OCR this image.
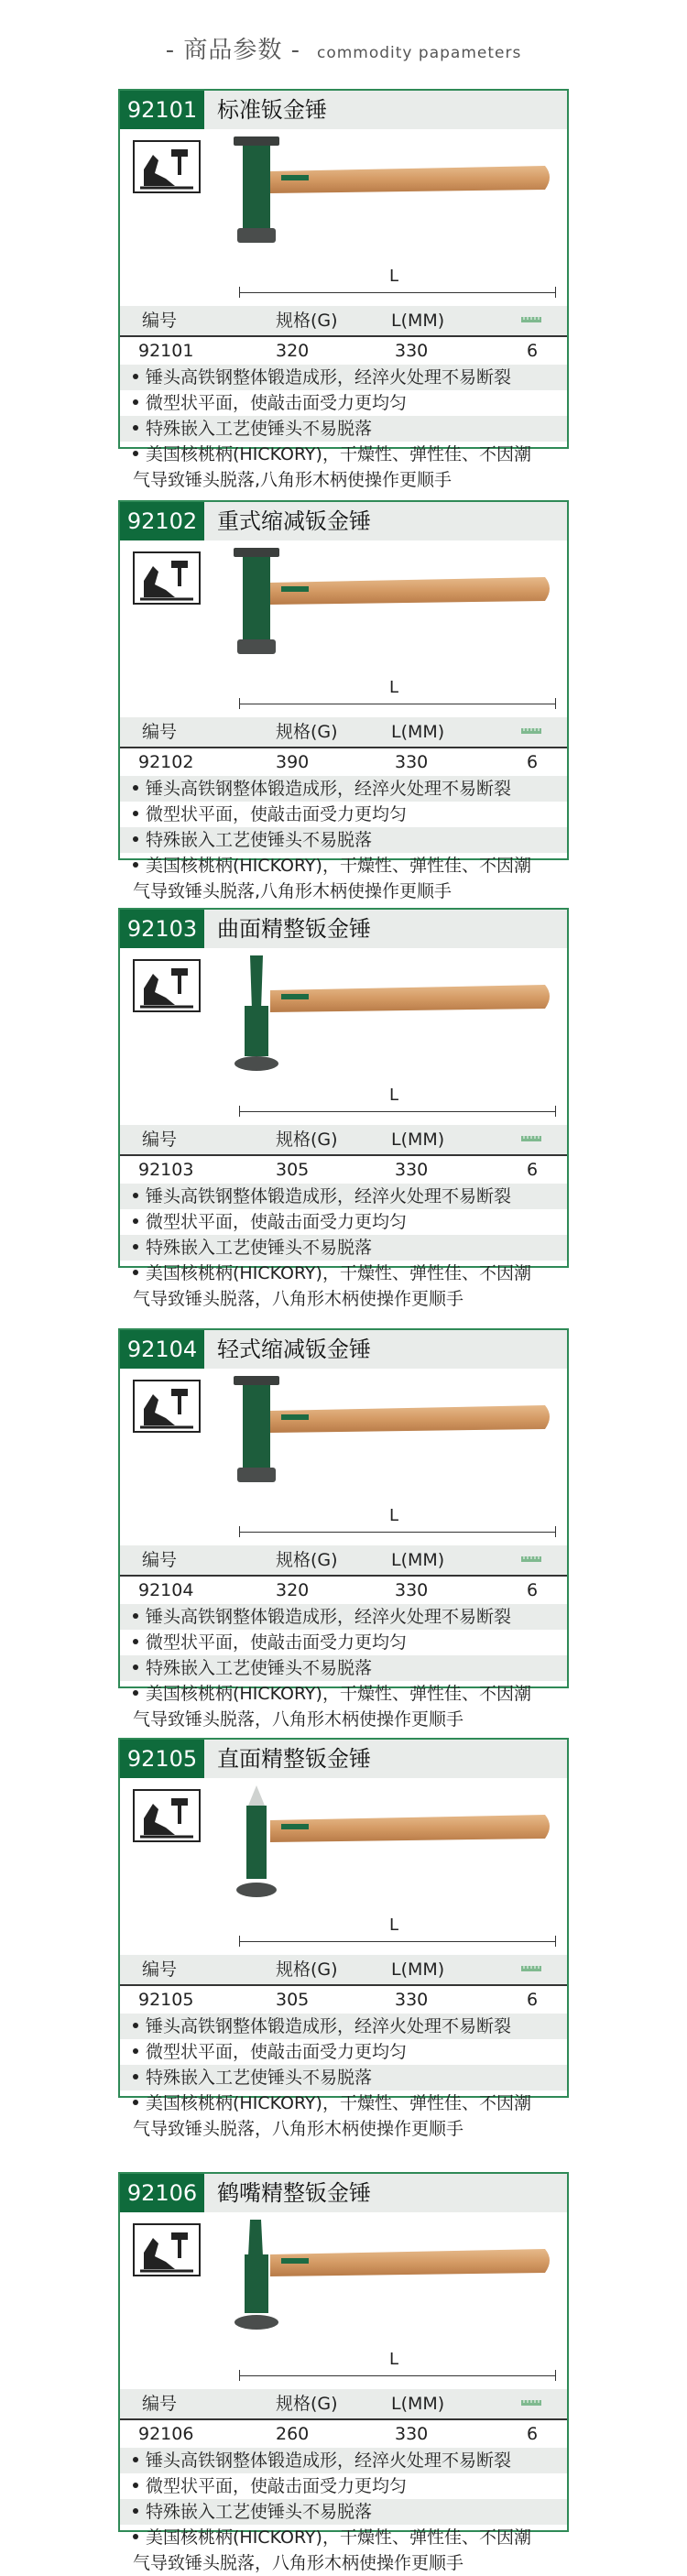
- 商品参数 - commodity papameters
92101 标准钣金锤
L
编号	规格(G)	L(MM)
92101	320	330	6
锤头高铁钢整体锻造成形，经淬火处理不易断裂
微型状平面，使敲击面受力更均匀
特殊嵌入工艺使锤头不易脱落
美国核桃柄(HICKORY)，干燥性、弹性佳、不因潮
气导致锤头脱落,八角形木柄使操作更顺手
92102 重式缩减钣金锤
L
编号	规格(G)	L(MM)
92102	390	330	6
锤头高铁钢整体锻造成形，经淬火处理不易断裂
微型状平面，使敲击面受力更均匀
特殊嵌入工艺使锤头不易脱落
美国核桃柄(HICKORY)，干燥性、弹性佳、不因潮
气导致锤头脱落,八角形木柄使操作更顺手
92103 曲面精整钣金锤
L
编号	规格(G)	L(MM)
92103	305	330	6
锤头高铁钢整体锻造成形，经淬火处理不易断裂
微型状平面，使敲击面受力更均匀
特殊嵌入工艺使锤头不易脱落
美国核桃柄(HICKORY)，干燥性、弹性佳、不因潮
气导致锤头脱落，八角形木柄使操作更顺手
92104 轻式缩减钣金锤
L
编号	规格(G)	L(MM)
92104	320	330	6
锤头高铁钢整体锻造成形，经淬火处理不易断裂
微型状平面，使敲击面受力更均匀
特殊嵌入工艺使锤头不易脱落
美国核桃柄(HICKORY)，干燥性、弹性佳、不因潮
气导致锤头脱落，八角形木柄使操作更顺手
92105 直面精整钣金锤
L
编号	规格(G)	L(MM)
92105	305	330	6
锤头高铁钢整体锻造成形，经淬火处理不易断裂
微型状平面，使敲击面受力更均匀
特殊嵌入工艺使锤头不易脱落
美国核桃柄(HICKORY)，干燥性、弹性佳、不因潮
气导致锤头脱落，八角形木柄使操作更顺手
92106 鹤嘴精整钣金锤
L
编号	规格(G)	L(MM)
92106	260	330	6
锤头高铁钢整体锻造成形，经淬火处理不易断裂
微型状平面，使敲击面受力更均匀
特殊嵌入工艺使锤头不易脱落
美国核桃柄(HICKORY)，干燥性、弹性佳、不因潮
气导致锤头脱落，八角形木柄使操作更顺手
